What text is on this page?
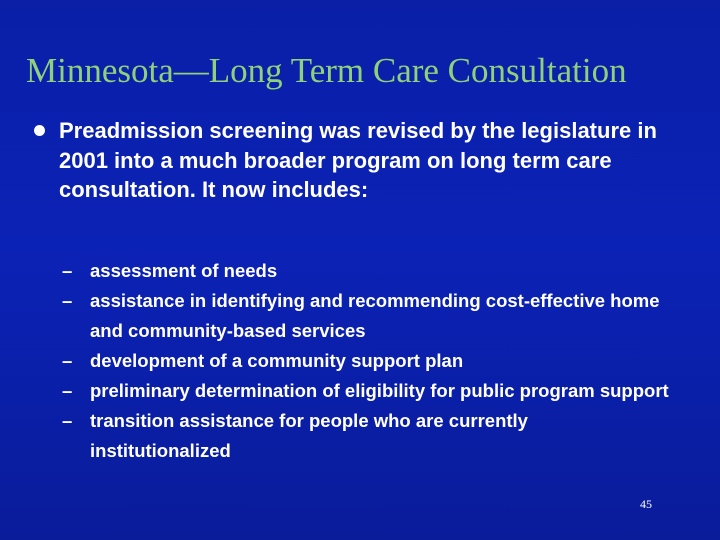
Minnesota—Long Term Care Consultation

Preadmission screening was revised by the legislature in 2001 into a much broader program on long term care consultation. It now includes:

– assessment of needs
– assistance in identifying and recommending cost-effective home and community-based services
– development of a community support plan
– preliminary determination of eligibility for public program support
– transition assistance for people who are currently institutionalized
45
